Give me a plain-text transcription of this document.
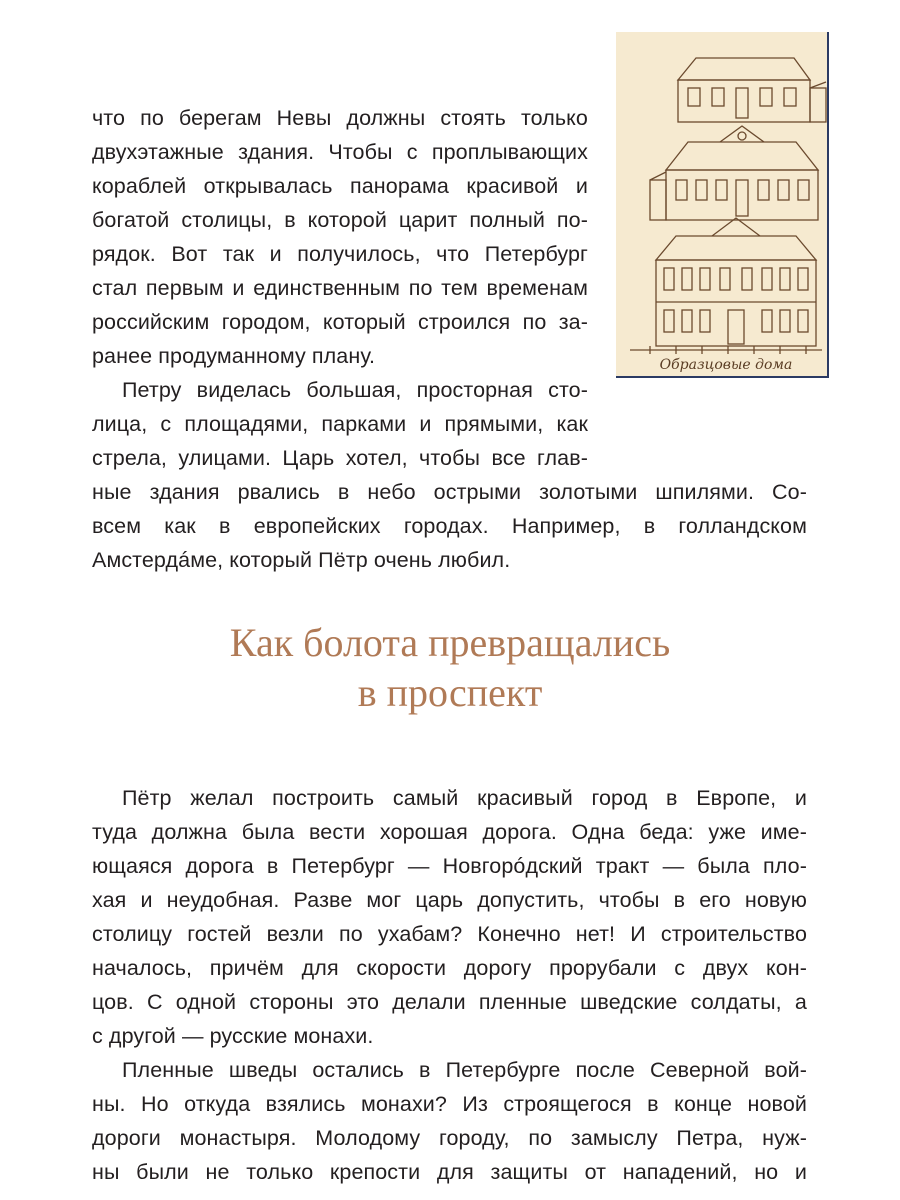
Образцовые дома
что по берегам Невы должны стоять только
двухэтажные здания. Чтобы с проплывающих
кораблей открывалась панорама красивой и
богатой столицы, в которой царит полный по-
рядок. Вот так и получилось, что Петербург
стал первым и единственным по тем временам
российским городом, который строился по за-
ранее продуманному плану.
Петру виделась большая, просторная сто-
лица, с площадями, парками и прямыми, как
стрела, улицами. Царь хотел, чтобы все глав-
ные здания рвались в небо острыми золотыми шпилями. Со-
всем как в европейских городах. Например, в голландском
Амстердáме, который Пётр очень любил.
Как болота превращались
в проспект
Пётр желал построить самый красивый город в Европе, и
туда должна была вести хорошая дорога. Одна беда: уже име-
ющаяся дорога в Петербург — Новгорóдский тракт — была пло-
хая и неудобная. Разве мог царь допустить, чтобы в его новую
столицу гостей везли по ухабам? Конечно нет! И строительство
началось, причём для скорости дорогу прорубали с двух кон-
цов. С одной стороны это делали пленные шведские солдаты, а
с другой — русские монахи.
Пленные шведы остались в Петербурге после Северной вой-
ны. Но откуда взялись монахи? Из строящегося в конце новой
дороги монастыря. Молодому городу, по замыслу Петра, нуж-
ны были не только крепости для защиты от нападений, но и
